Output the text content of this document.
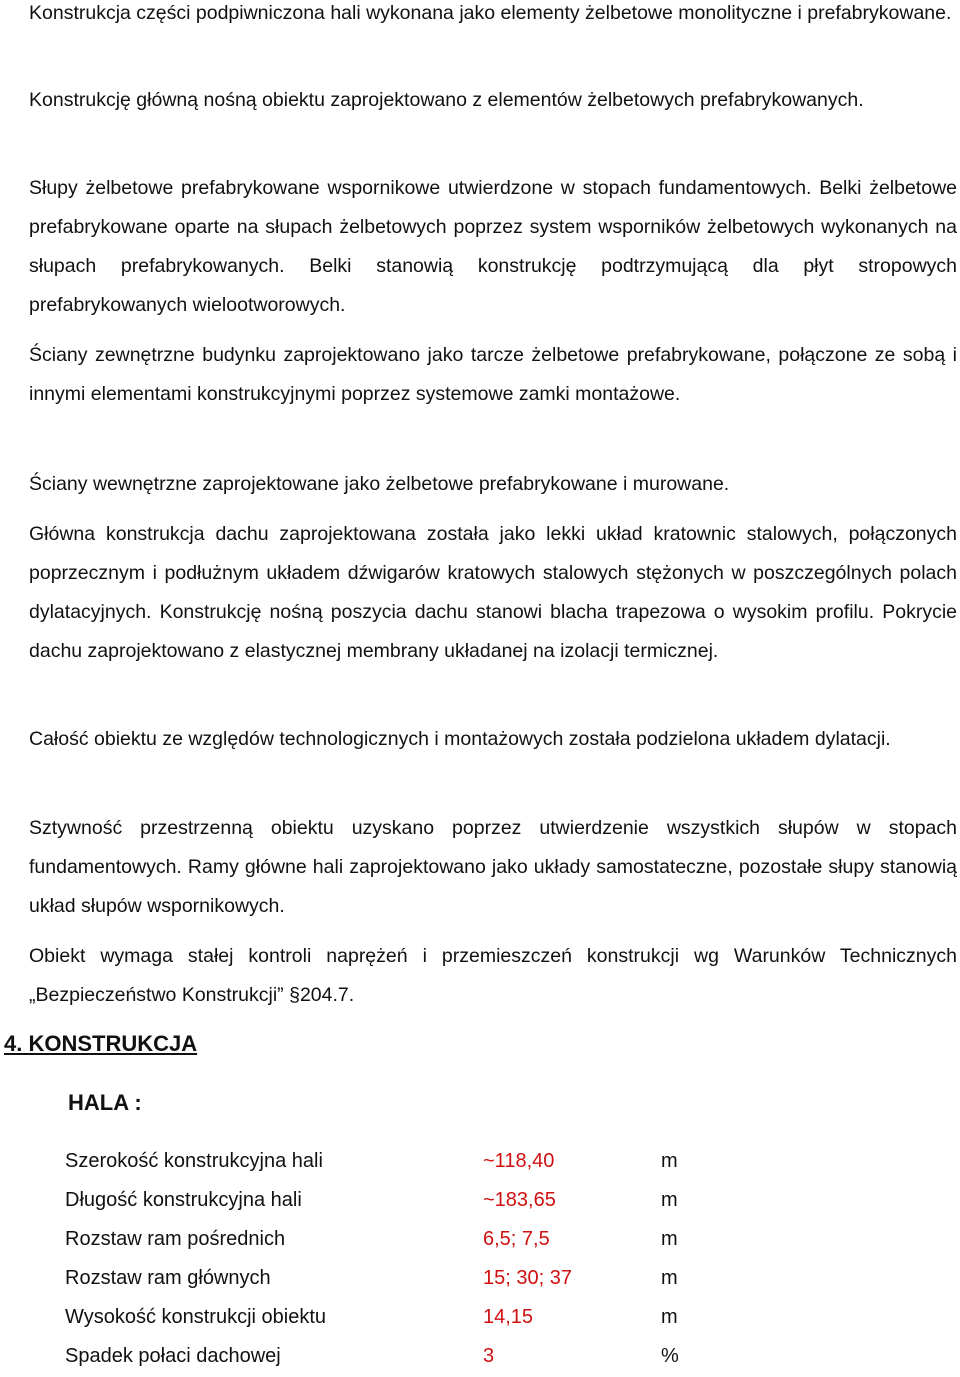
Konstrukcja części podpiwniczona hali wykonana jako elementy żelbetowe monolityczne i prefabrykowane.

Konstrukcję główną nośną obiektu zaprojektowano z elementów żelbetowych prefabrykowanych.

Słupy żelbetowe prefabrykowane wspornikowe utwierdzone w stopach fundamentowych. Belki żelbetowe prefabrykowane oparte na słupach żelbetowych poprzez system wsporników żelbetowych wykonanych na słupach prefabrykowanych. Belki stanowią konstrukcję podtrzymującą dla płyt stropowych prefabrykowanych wielootworowych.

Ściany zewnętrzne budynku zaprojektowano jako tarcze żelbetowe prefabrykowane, połączone ze sobą i innymi elementami konstrukcyjnymi poprzez systemowe zamki montażowe.

Ściany wewnętrzne zaprojektowane jako żelbetowe prefabrykowane i murowane.

Główna konstrukcja dachu zaprojektowana została jako lekki układ kratownic stalowych, połączonych poprzecznym i podłużnym układem dźwigarów kratowych stalowych stężonych w poszczególnych polach dylatacyjnych. Konstrukcję nośną poszycia dachu stanowi blacha trapezowa o wysokim profilu. Pokrycie dachu zaprojektowano z elastycznej membrany układanej na izolacji termicznej.

Całość obiektu ze względów technologicznych i montażowych została podzielona układem dylatacji.

Sztywność przestrzenną obiektu uzyskano poprzez utwierdzenie wszystkich słupów w stopach fundamentowych. Ramy główne hali zaprojektowano jako układy samostateczne, pozostałe słupy stanowią układ słupów wspornikowych.

Obiekt wymaga stałej kontroli naprężeń i przemieszczeń konstrukcji wg Warunków Technicznych „Bezpieczeństwo Konstrukcji” §204.7.

4. KONSTRUKCJA
HALA :
Szerokość konstrukcyjna hali	~118,40	m
Długość konstrukcyjna hali	~183,65	m
Rozstaw ram pośrednich	6,5; 7,5	m
Rozstaw ram głównych	15; 30; 37	m
Wysokość konstrukcji obiektu	14,15	m
Spadek połaci dachowej	3	%
